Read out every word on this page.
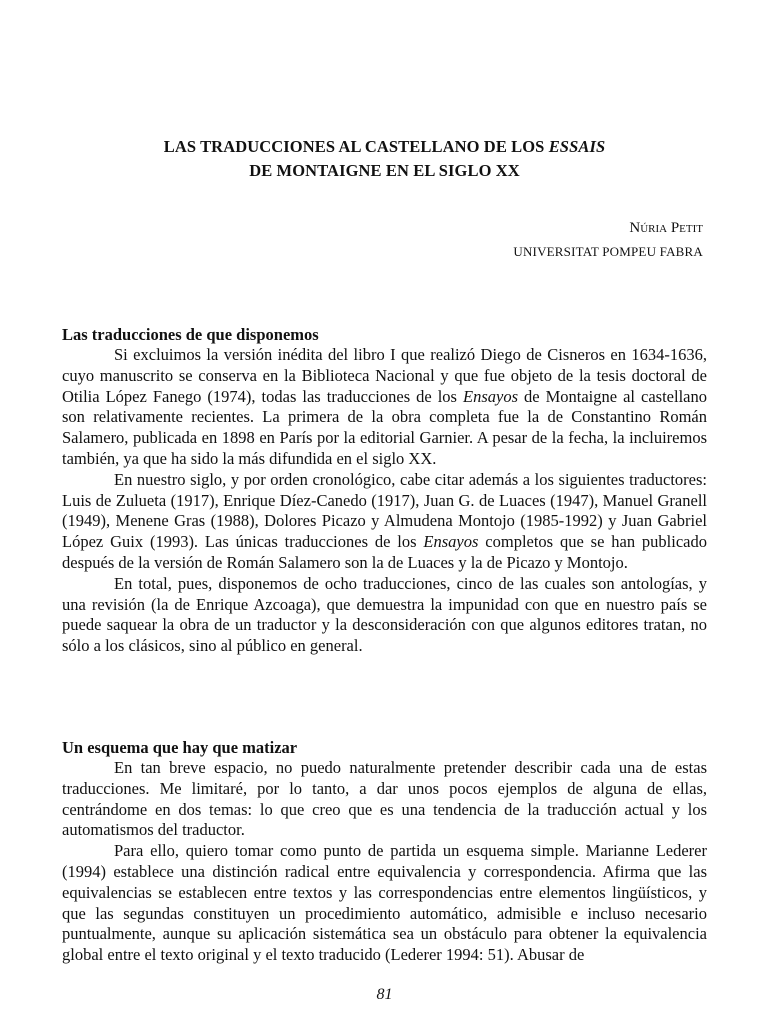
LAS TRADUCCIONES AL CASTELLANO DE LOS ESSAIS
DE MONTAIGNE EN EL SIGLO XX
Núria Petit
UNIVERSITAT POMPEU FABRA

Las traducciones de que disponemos

Si excluimos la versión inédita del libro I que realizó Diego de Cisneros en 1634-1636, cuyo manuscrito se conserva en la Biblioteca Nacional y que fue objeto de la tesis doctoral de Otilia López Fanego (1974), todas las traducciones de los Ensayos de Montaigne al castellano son relativamente recientes. La primera de la obra completa fue la de Constantino Román Salamero, publicada en 1898 en París por la editorial Garnier. A pesar de la fecha, la incluiremos también, ya que ha sido la más difundida en el siglo XX.

En nuestro siglo, y por orden cronológico, cabe citar además a los siguientes traductores: Luis de Zulueta (1917), Enrique Díez-Canedo (1917), Juan G. de Luaces (1947), Manuel Granell (1949), Menene Gras (1988), Dolores Picazo y Almudena Montojo (1985-1992) y Juan Gabriel López Guix (1993). Las únicas traducciones de los Ensayos completos que se han publicado después de la versión de Román Salamero son la de Luaces y la de Picazo y Montojo.

En total, pues, disponemos de ocho traducciones, cinco de las cuales son antologías, y una revisión (la de Enrique Azcoaga), que demuestra la impunidad con que en nuestro país se puede saquear la obra de un traductor y la desconsideración con que algunos editores tratan, no sólo a los clásicos, sino al público en general.

Un esquema que hay que matizar

En tan breve espacio, no puedo naturalmente pretender describir cada una de estas traducciones. Me limitaré, por lo tanto, a dar unos pocos ejemplos de alguna de ellas, centrándome en dos temas: lo que creo que es una tendencia de la traducción actual y los automatismos del traductor.

Para ello, quiero tomar como punto de partida un esquema simple. Marianne Lederer (1994) establece una distinción radical entre equivalencia y correspondencia. Afirma que las equivalencias se establecen entre textos y las correspondencias entre elementos lingüísticos, y que las segundas constituyen un procedimiento automático, admisible e incluso necesario puntualmente, aunque su aplicación sistemática sea un obstáculo para obtener la equivalencia global entre el texto original y el texto traducido (Lederer 1994: 51). Abusar de

81
